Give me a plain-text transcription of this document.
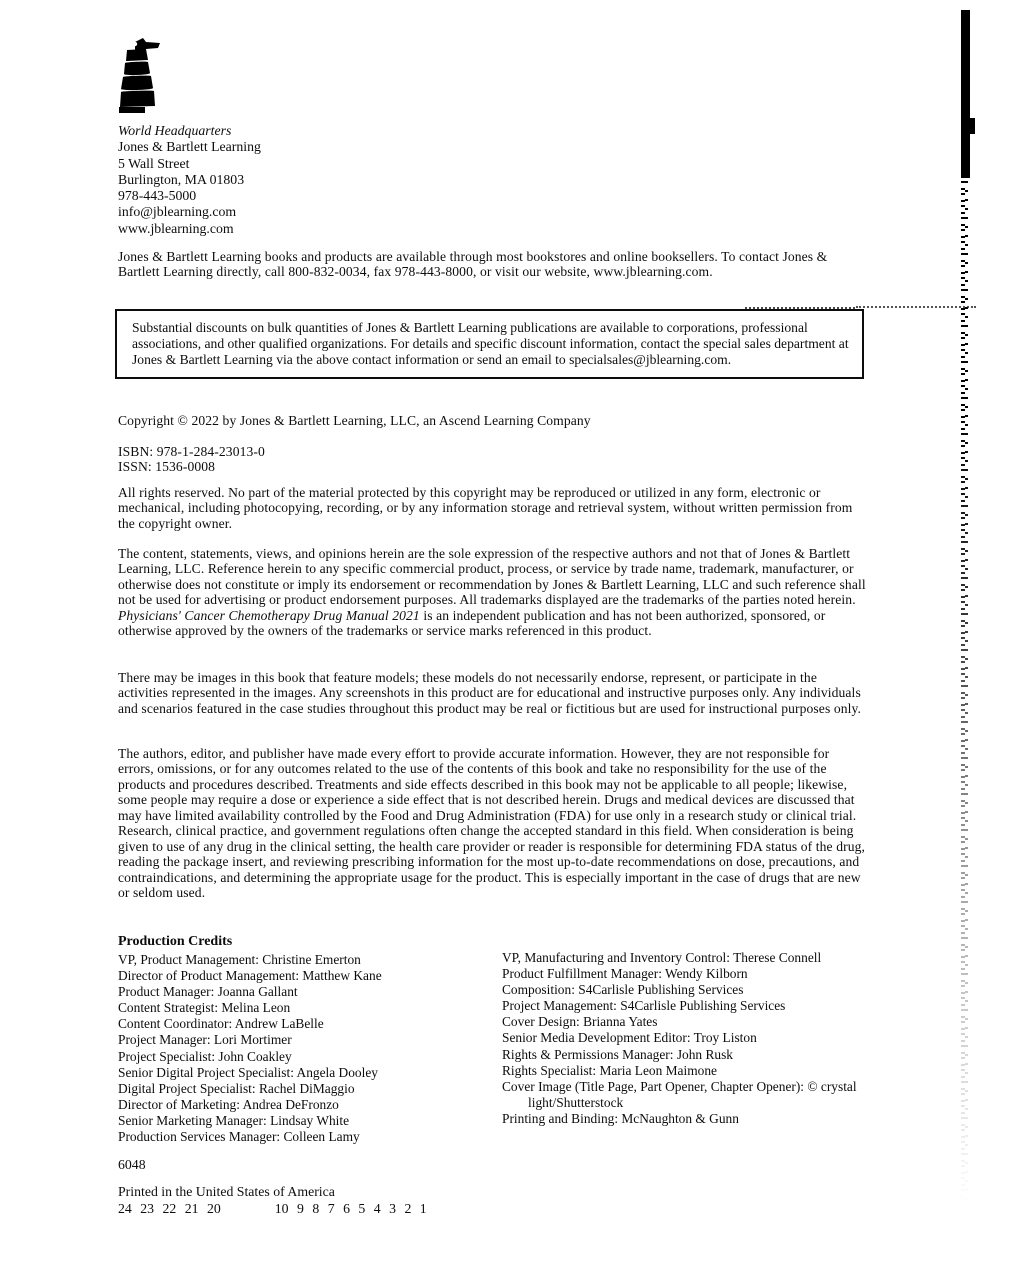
World Headquarters
Jones & Bartlett Learning
5 Wall Street
Burlington, MA 01803
978-443-5000
info@jblearning.com
www.jblearning.com
Jones & Bartlett Learning books and products are available through most bookstores and online booksellers. To contact Jones & Bartlett Learning directly, call 800-832-0034, fax 978-443-8000, or visit our website, www.jblearning.com.
Substantial discounts on bulk quantities of Jones & Bartlett Learning publications are available to corporations, professional associations, and other qualified organizations. For details and specific discount information, contact the special sales department at Jones & Bartlett Learning via the above contact information or send an email to specialsales@jblearning.com.
Copyright © 2022 by Jones & Bartlett Learning, LLC, an Ascend Learning Company
ISBN: 978-1-284-23013-0
ISSN: 1536-0008
All rights reserved. No part of the material protected by this copyright may be reproduced or utilized in any form, electronic or mechanical, including photocopying, recording, or by any information storage and retrieval system, without written permission from the copyright owner.
The content, statements, views, and opinions herein are the sole expression of the respective authors and not that of Jones & Bartlett Learning, LLC. Reference herein to any specific commercial product, process, or service by trade name, trademark, manufacturer, or otherwise does not constitute or imply its endorsement or recommendation by Jones & Bartlett Learning, LLC and such reference shall not be used for advertising or product endorsement purposes. All trademarks displayed are the trademarks of the parties noted herein. Physicians' Cancer Chemotherapy Drug Manual 2021 is an independent publication and has not been authorized, sponsored, or otherwise approved by the owners of the trademarks or service marks referenced in this product.
There may be images in this book that feature models; these models do not necessarily endorse, represent, or participate in the activities represented in the images. Any screenshots in this product are for educational and instructive purposes only. Any individuals and scenarios featured in the case studies throughout this product may be real or fictitious but are used for instructional purposes only.
The authors, editor, and publisher have made every effort to provide accurate information. However, they are not responsible for errors, omissions, or for any outcomes related to the use of the contents of this book and take no responsibility for the use of the products and procedures described. Treatments and side effects described in this book may not be applicable to all people; likewise, some people may require a dose or experience a side effect that is not described herein. Drugs and medical devices are discussed that may have limited availability controlled by the Food and Drug Administration (FDA) for use only in a research study or clinical trial. Research, clinical practice, and government regulations often change the accepted standard in this field. When consideration is being given to use of any drug in the clinical setting, the health care provider or reader is responsible for determining FDA status of the drug, reading the package insert, and reviewing prescribing information for the most up-to-date recommendations on dose, precautions, and contraindications, and determining the appropriate usage for the product. This is especially important in the case of drugs that are new or seldom used.
Production Credits
VP, Product Management: Christine Emerton
Director of Product Management: Matthew Kane
Product Manager: Joanna Gallant
Content Strategist: Melina Leon
Content Coordinator: Andrew LaBelle
Project Manager: Lori Mortimer
Project Specialist: John Coakley
Senior Digital Project Specialist: Angela Dooley
Digital Project Specialist: Rachel DiMaggio
Director of Marketing: Andrea DeFronzo
Senior Marketing Manager: Lindsay White
Production Services Manager: Colleen Lamy
VP, Manufacturing and Inventory Control: Therese Connell
Product Fulfillment Manager: Wendy Kilborn
Composition: S4Carlisle Publishing Services
Project Management: S4Carlisle Publishing Services
Cover Design: Brianna Yates
Senior Media Development Editor: Troy Liston
Rights & Permissions Manager: John Rusk
Rights Specialist: Maria Leon Maimone
Cover Image (Title Page, Part Opener, Chapter Opener): © crystal light/Shutterstock
Printing and Binding: McNaughton & Gunn
6048
Printed in the United States of America
24 23 22 21 20	10 9 8 7 6 5 4 3 2 1
